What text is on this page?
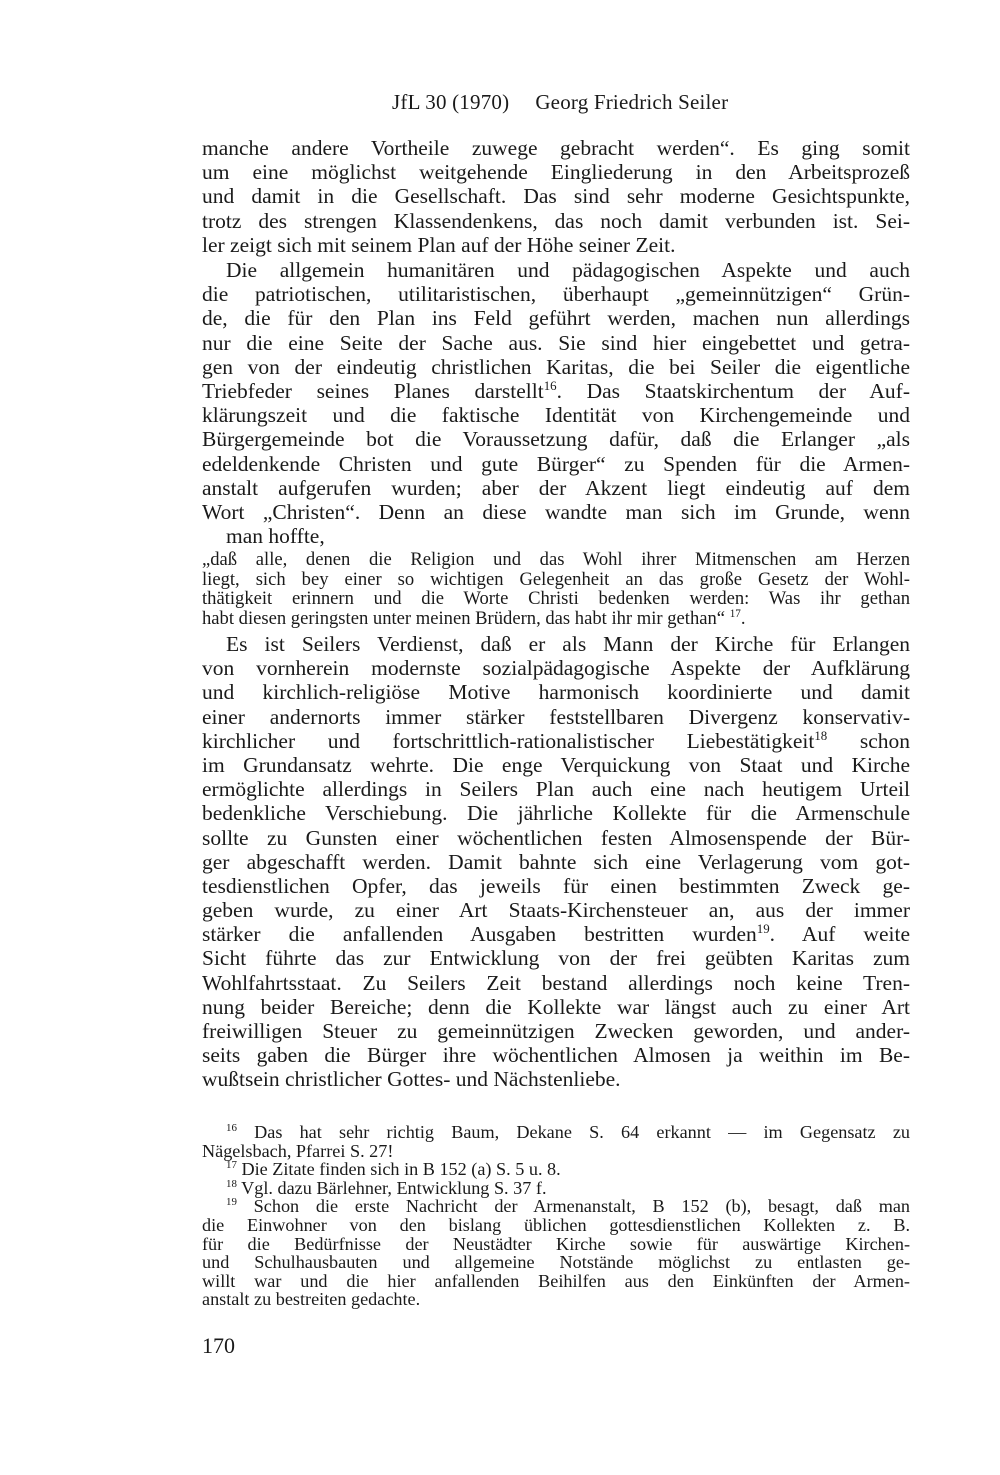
JfL 30 (1970) Georg Friedrich Seiler
manche andere Vortheile zuwege gebracht werden“. Es ging somit
um eine möglichst weitgehende Eingliederung in den Arbeitsprozeß
und damit in die Gesellschaft. Das sind sehr moderne Gesichtspunkte,
trotz des strengen Klassendenkens, das noch damit verbunden ist. Sei-
ler zeigt sich mit seinem Plan auf der Höhe seiner Zeit.
Die allgemein humanitären und pädagogischen Aspekte und auch
die patriotischen, utilitaristischen, überhaupt „gemeinnützigen“ Grün-
de, die für den Plan ins Feld geführt werden, machen nun allerdings
nur die eine Seite der Sache aus. Sie sind hier eingebettet und getra-
gen von der eindeutig christlichen Karitas, die bei Seiler die eigentliche
Triebfeder seines Planes darstellt$^{16}$. Das Staatskirchentum der Auf-
klärungszeit und die faktische Identität von Kirchengemeinde und
Bürgergemeinde bot die Voraussetzung dafür, daß die Erlanger „als
edeldenkende Christen und gute Bürger“ zu Spenden für die Armen-
anstalt aufgerufen wurden; aber der Akzent liegt eindeutig auf dem
Wort „Christen“. Denn an diese wandte man sich im Grunde, wenn
man hoffte,
„daß alle, denen die Religion und das Wohl ihrer Mitmenschen am Herzen
liegt, sich bey einer so wichtigen Gelegenheit an das große Gesetz der Wohl-
thätigkeit erinnern und die Worte Christi bedenken werden: Was ihr gethan
habt diesen geringsten unter meinen Brüdern, das habt ihr mir gethan“ $^{17}$.
Es ist Seilers Verdienst, daß er als Mann der Kirche für Erlangen
von vornherein modernste sozialpädagogische Aspekte der Aufklärung
und kirchlich-religiöse Motive harmonisch koordinierte und damit
einer andernorts immer stärker feststellbaren Divergenz konservativ-
kirchlicher und fortschrittlich-rationalistischer Liebestätigkeit$^{18}$ schon
im Grundansatz wehrte. Die enge Verquickung von Staat und Kirche
ermöglichte allerdings in Seilers Plan auch eine nach heutigem Urteil
bedenkliche Verschiebung. Die jährliche Kollekte für die Armenschule
sollte zu Gunsten einer wöchentlichen festen Almosenspende der Bür-
ger abgeschafft werden. Damit bahnte sich eine Verlagerung vom got-
tesdienstlichen Opfer, das jeweils für einen bestimmten Zweck ge-
geben wurde, zu einer Art Staats-Kirchensteuer an, aus der immer
stärker die anfallenden Ausgaben bestritten wurden$^{19}$. Auf weite
Sicht führte das zur Entwicklung von der frei geübten Karitas zum
Wohlfahrtsstaat. Zu Seilers Zeit bestand allerdings noch keine Tren-
nung beider Bereiche; denn die Kollekte war längst auch zu einer Art
freiwilligen Steuer zu gemeinnützigen Zwecken geworden, und ander-
seits gaben die Bürger ihre wöchentlichen Almosen ja weithin im Be-
wußtsein christlicher Gottes- und Nächstenliebe.
$^{16}$ Das hat sehr richtig Baum, Dekane S. 64 erkannt — im Gegensatz zu
Nägelsbach, Pfarrei S. 27!
$^{17}$ Die Zitate finden sich in B 152 (a) S. 5 u. 8.
$^{18}$ Vgl. dazu Bärlehner, Entwicklung S. 37 f.
$^{19}$ Schon die erste Nachricht der Armenanstalt, B 152 (b), besagt, daß man
die Einwohner von den bislang üblichen gottesdienstlichen Kollekten z. B.
für die Bedürfnisse der Neustädter Kirche sowie für auswärtige Kirchen-
und Schulhausbauten und allgemeine Notstände möglichst zu entlasten ge-
willt war und die hier anfallenden Beihilfen aus den Einkünften der Armen-
anstalt zu bestreiten gedachte.
170
